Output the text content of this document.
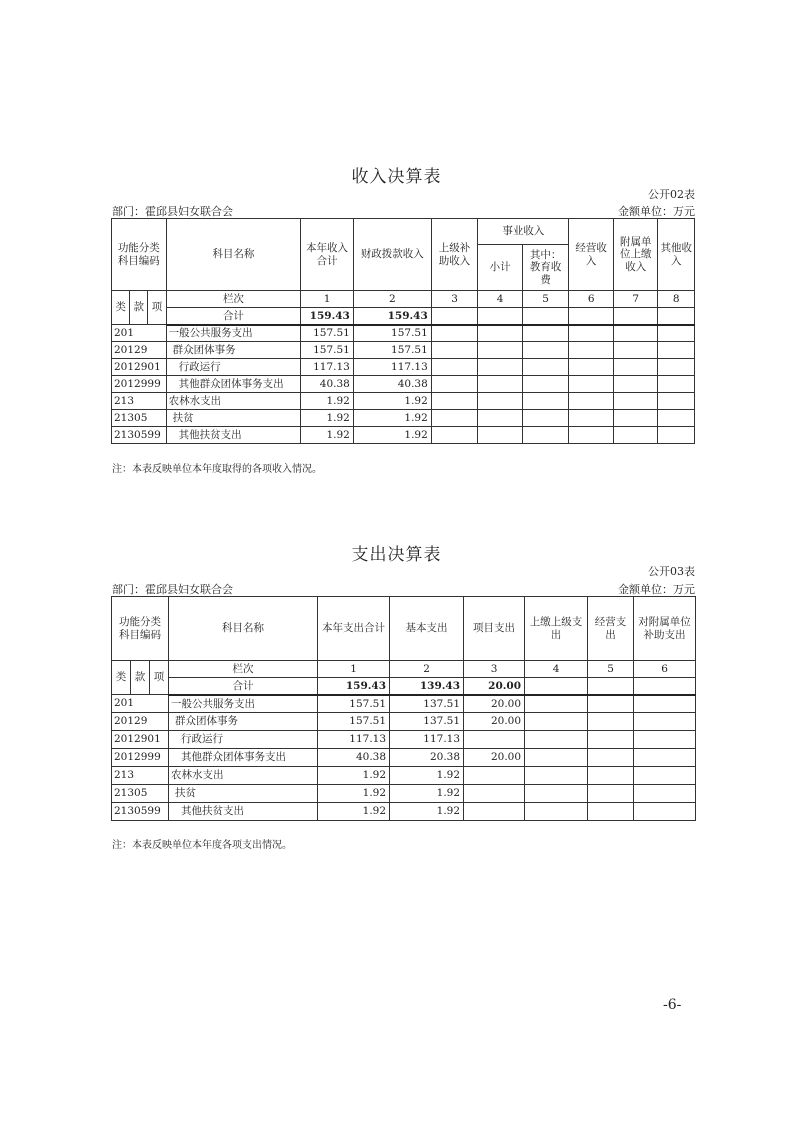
收入决算表
公开02表
部门：霍邱县妇女联合会	金额单位：万元
功能分类科目编码			科目名称	本年收入合计	财政拨款收入	上级补助收入	事业收入		经营收入	附属单位上缴收入	其他收入
							小计	其中：教育收费			
类	款	项	栏次	1	2	3	4	5	6	7	8
			合计	159.43	159.43						
201			一般公共服务支出	157.51	157.51						
20129			群众团体事务	157.51	157.51						
2012901			行政运行	117.13	117.13						
2012999			其他群众团体事务支出	40.38	40.38						
213			农林水支出	1.92	1.92						
21305			扶贫	1.92	1.92						
2130599			其他扶贫支出	1.92	1.92						
注：本表反映单位本年度取得的各项收入情况。
支出决算表
公开03表
部门：霍邱县妇女联合会	金额单位：万元
功能分类科目编码			科目名称	本年支出合计	基本支出	项目支出	上缴上级支出	经营支出	对附属单位补助支出
类	款	项	栏次	1	2	3	4	5	6
			合计	159.43	139.43	20.00			
201			一般公共服务支出	157.51	137.51	20.00			
20129			群众团体事务	157.51	137.51	20.00			
2012901			行政运行	117.13	117.13				
2012999			其他群众团体事务支出	40.38	20.38	20.00			
213			农林水支出	1.92	1.92				
21305			扶贫	1.92	1.92				
2130599			其他扶贫支出	1.92	1.92				
注：本表反映单位本年度各项支出情况。
-6-
